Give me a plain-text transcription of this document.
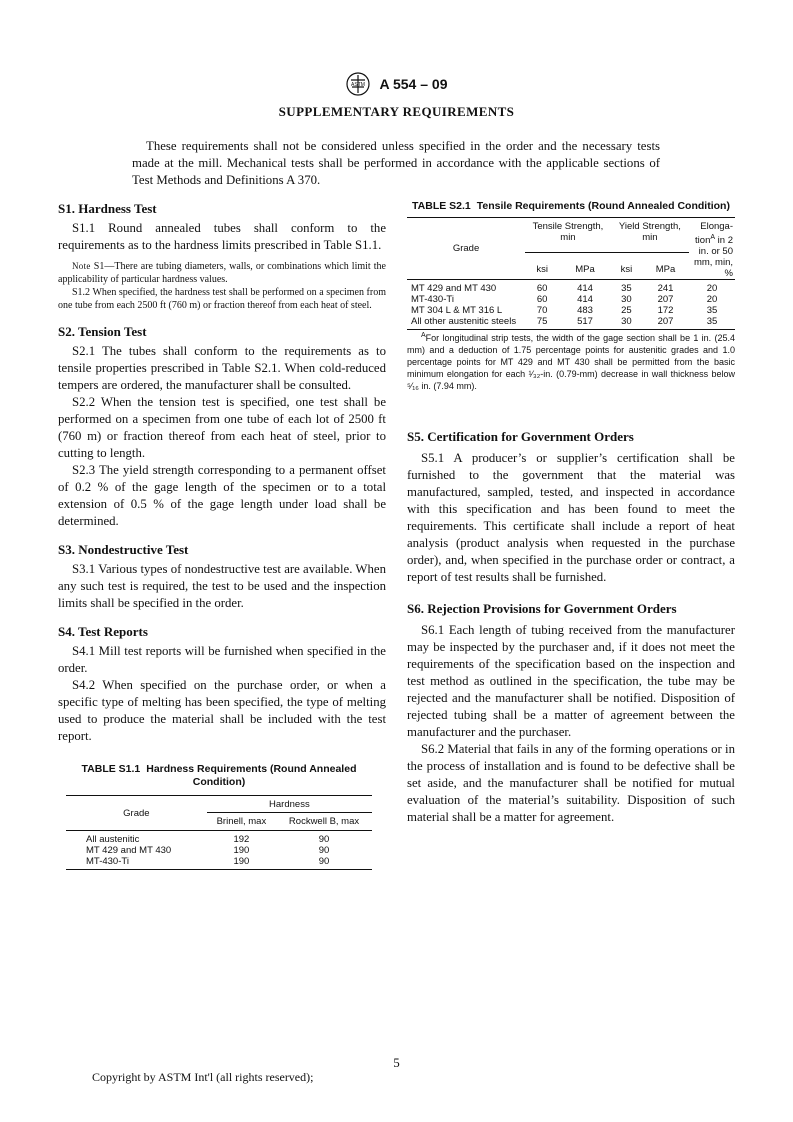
ASTM A 554 – 09
SUPPLEMENTARY REQUIREMENTS
These requirements shall not be considered unless specified in the order and the necessary tests made at the mill. Mechanical tests shall be performed in accordance with the applicable sections of Test Methods and Definitions A 370.
S1. Hardness Test

S1.1 Round annealed tubes shall conform to the requirements as to the hardness limits prescribed in Table S1.1.

Note S1—There are tubing diameters, walls, or combinations which limit the applicability of particular hardness values.

S1.2 When specified, the hardness test shall be performed on a specimen from one tube from each 2500 ft (760 m) or fraction thereof from each heat of steel.

S2. Tension Test

S2.1 The tubes shall conform to the requirements as to tensile properties prescribed in Table S2.1. When cold-reduced tempers are ordered, the manufacturer shall be consulted.

S2.2 When the tension test is specified, one test shall be performed on a specimen from one tube of each lot of 2500 ft (760 m) or fraction thereof from each heat of steel, prior to cutting to length.

S2.3 The yield strength corresponding to a permanent offset of 0.2 % of the gage length of the specimen or to a total extension of 0.5 % of the gage length under load shall be determined.

S3. Nondestructive Test

S3.1 Various types of nondestructive test are available. When any such test is required, the test to be used and the inspection limits shall be specified in the order.

S4. Test Reports

S4.1 Mill test reports will be furnished when specified in the order.

S4.2 When specified on the purchase order, or when a specific type of melting has been specified, the type of melting used to produce the material shall be included with the test report.

TABLE S1.1 Hardness Requirements (Round Annealed Condition)
Grade	Hardness	
	Brinell, max	Rockwell B, max

All austenitic	192	90
MT 429 and MT 430	190	90
MT-430-Ti	190	90
TABLE S2.1 Tensile Requirements (Round Annealed Condition)
Grade	Tensile Strength, min		Yield Strength, min		Elonga- tion$^A$ in 2 in. or 50 mm, min, %
	ksi	MPa	ksi	MPa	

MT 429 and MT 430	60	414	35	241	20
MT-430-Ti	60	414	30	207	20
MT 304 L & MT 316 L	70	483	25	172	35
All other austenitic steels	75	517	30	207	35

$^A$For longitudinal strip tests, the width of the gage section shall be 1 in. (25.4 mm) and a deduction of 1.75 percentage points for austenitic grades and 1.0 percentage points for MT 429 and MT 430 shall be permitted from the basic minimum elongation for each ¹⁄₃₂-in. (0.79-mm) decrease in wall thickness below ⁵⁄₁₆ in. (7.94 mm).

S5. Certification for Government Orders

S5.1 A producer’s or supplier’s certification shall be furnished to the government that the material was manufactured, sampled, tested, and inspected in accordance with this specification and has been found to meet the requirements. This certificate shall include a report of heat analysis (product analysis when requested in the purchase order), and, when specified in the purchase order or contract, a report of test results shall be furnished.

S6. Rejection Provisions for Government Orders

S6.1 Each length of tubing received from the manufacturer may be inspected by the purchaser and, if it does not meet the requirements of the specification based on the inspection and test method as outlined in the specification, the tube may be rejected and the manufacturer shall be notified. Disposition of rejected tubing shall be a matter of agreement between the manufacturer and the purchaser.

S6.2 Material that fails in any of the forming operations or in the process of installation and is found to be defective shall be set aside, and the manufacturer shall be notified for mutual evaluation of the material’s suitability. Disposition of such material shall be a matter for agreement.

5
Copyright by ASTM Int'l (all rights reserved);
